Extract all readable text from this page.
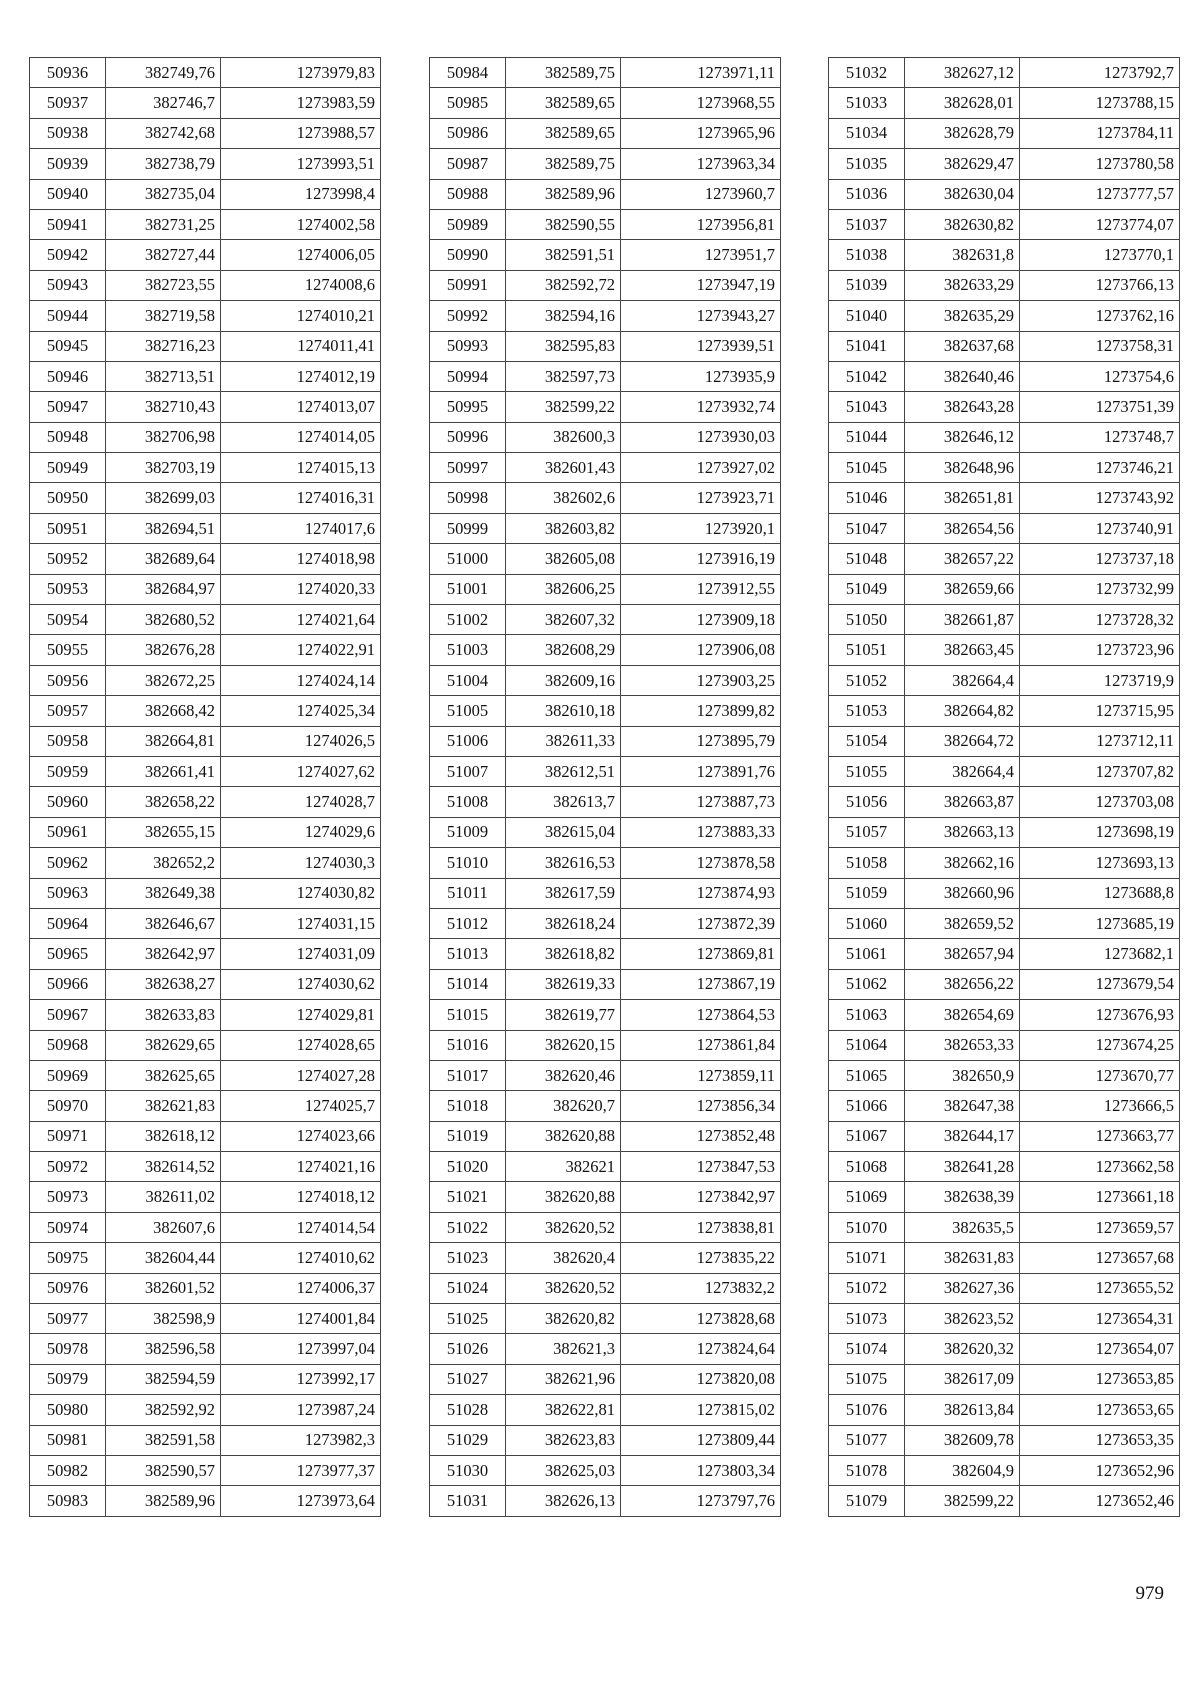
50936	382749,76	1273979,83
50937	382746,7	1273983,59
50938	382742,68	1273988,57
50939	382738,79	1273993,51
50940	382735,04	1273998,4
50941	382731,25	1274002,58
50942	382727,44	1274006,05
50943	382723,55	1274008,6
50944	382719,58	1274010,21
50945	382716,23	1274011,41
50946	382713,51	1274012,19
50947	382710,43	1274013,07
50948	382706,98	1274014,05
50949	382703,19	1274015,13
50950	382699,03	1274016,31
50951	382694,51	1274017,6
50952	382689,64	1274018,98
50953	382684,97	1274020,33
50954	382680,52	1274021,64
50955	382676,28	1274022,91
50956	382672,25	1274024,14
50957	382668,42	1274025,34
50958	382664,81	1274026,5
50959	382661,41	1274027,62
50960	382658,22	1274028,7
50961	382655,15	1274029,6
50962	382652,2	1274030,3
50963	382649,38	1274030,82
50964	382646,67	1274031,15
50965	382642,97	1274031,09
50966	382638,27	1274030,62
50967	382633,83	1274029,81
50968	382629,65	1274028,65
50969	382625,65	1274027,28
50970	382621,83	1274025,7
50971	382618,12	1274023,66
50972	382614,52	1274021,16
50973	382611,02	1274018,12
50974	382607,6	1274014,54
50975	382604,44	1274010,62
50976	382601,52	1274006,37
50977	382598,9	1274001,84
50978	382596,58	1273997,04
50979	382594,59	1273992,17
50980	382592,92	1273987,24
50981	382591,58	1273982,3
50982	382590,57	1273977,37
50983	382589,96	1273973,64
50984	382589,75	1273971,11
50985	382589,65	1273968,55
50986	382589,65	1273965,96
50987	382589,75	1273963,34
50988	382589,96	1273960,7
50989	382590,55	1273956,81
50990	382591,51	1273951,7
50991	382592,72	1273947,19
50992	382594,16	1273943,27
50993	382595,83	1273939,51
50994	382597,73	1273935,9
50995	382599,22	1273932,74
50996	382600,3	1273930,03
50997	382601,43	1273927,02
50998	382602,6	1273923,71
50999	382603,82	1273920,1
51000	382605,08	1273916,19
51001	382606,25	1273912,55
51002	382607,32	1273909,18
51003	382608,29	1273906,08
51004	382609,16	1273903,25
51005	382610,18	1273899,82
51006	382611,33	1273895,79
51007	382612,51	1273891,76
51008	382613,7	1273887,73
51009	382615,04	1273883,33
51010	382616,53	1273878,58
51011	382617,59	1273874,93
51012	382618,24	1273872,39
51013	382618,82	1273869,81
51014	382619,33	1273867,19
51015	382619,77	1273864,53
51016	382620,15	1273861,84
51017	382620,46	1273859,11
51018	382620,7	1273856,34
51019	382620,88	1273852,48
51020	382621	1273847,53
51021	382620,88	1273842,97
51022	382620,52	1273838,81
51023	382620,4	1273835,22
51024	382620,52	1273832,2
51025	382620,82	1273828,68
51026	382621,3	1273824,64
51027	382621,96	1273820,08
51028	382622,81	1273815,02
51029	382623,83	1273809,44
51030	382625,03	1273803,34
51031	382626,13	1273797,76
51032	382627,12	1273792,7
51033	382628,01	1273788,15
51034	382628,79	1273784,11
51035	382629,47	1273780,58
51036	382630,04	1273777,57
51037	382630,82	1273774,07
51038	382631,8	1273770,1
51039	382633,29	1273766,13
51040	382635,29	1273762,16
51041	382637,68	1273758,31
51042	382640,46	1273754,6
51043	382643,28	1273751,39
51044	382646,12	1273748,7
51045	382648,96	1273746,21
51046	382651,81	1273743,92
51047	382654,56	1273740,91
51048	382657,22	1273737,18
51049	382659,66	1273732,99
51050	382661,87	1273728,32
51051	382663,45	1273723,96
51052	382664,4	1273719,9
51053	382664,82	1273715,95
51054	382664,72	1273712,11
51055	382664,4	1273707,82
51056	382663,87	1273703,08
51057	382663,13	1273698,19
51058	382662,16	1273693,13
51059	382660,96	1273688,8
51060	382659,52	1273685,19
51061	382657,94	1273682,1
51062	382656,22	1273679,54
51063	382654,69	1273676,93
51064	382653,33	1273674,25
51065	382650,9	1273670,77
51066	382647,38	1273666,5
51067	382644,17	1273663,77
51068	382641,28	1273662,58
51069	382638,39	1273661,18
51070	382635,5	1273659,57
51071	382631,83	1273657,68
51072	382627,36	1273655,52
51073	382623,52	1273654,31
51074	382620,32	1273654,07
51075	382617,09	1273653,85
51076	382613,84	1273653,65
51077	382609,78	1273653,35
51078	382604,9	1273652,96
51079	382599,22	1273652,46
979
